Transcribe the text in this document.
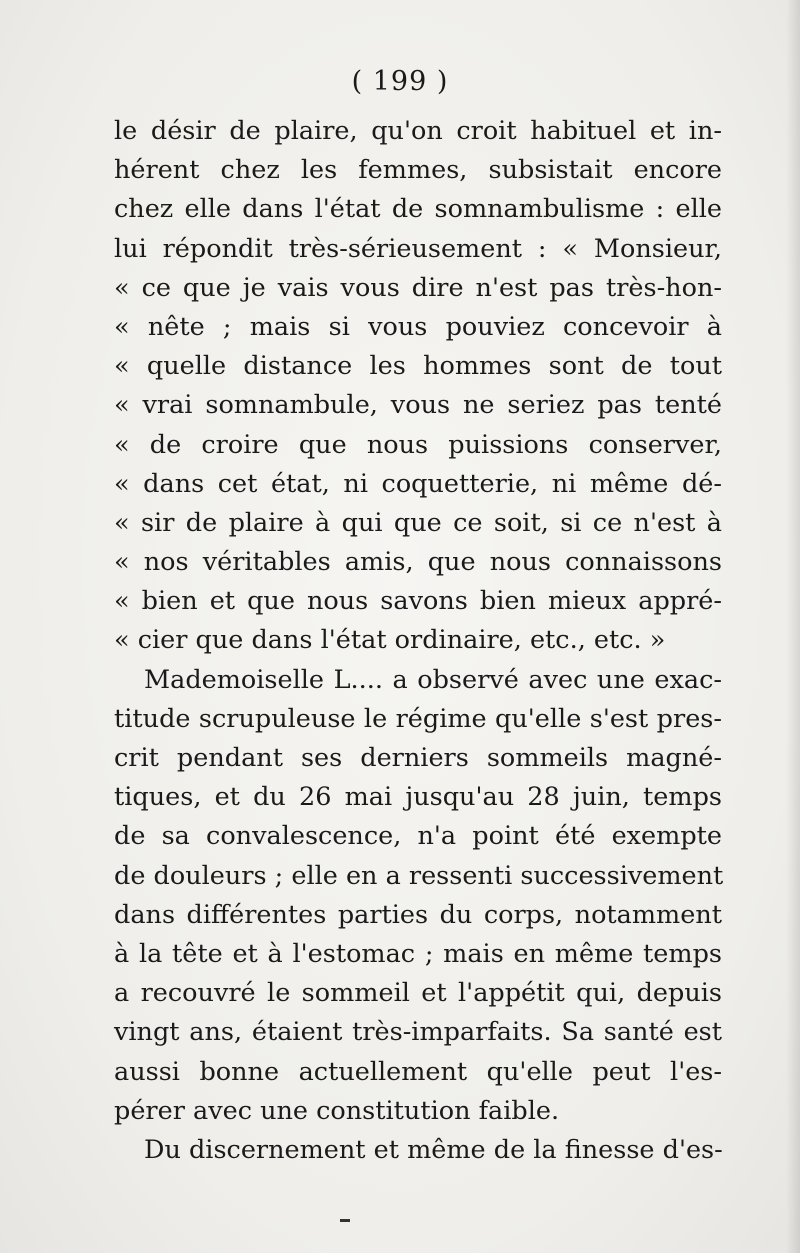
( 199 )
le désir de plaire, qu'on croit habituel et in-
hérent chez les femmes, subsistait encore
chez elle dans l'état de somnambulisme : elle
lui répondit très-sérieusement : « Monsieur,
« ce que je vais vous dire n'est pas très-hon-
« nête ; mais si vous pouviez concevoir à
« quelle distance les hommes sont de tout
« vrai somnambule, vous ne seriez pas tenté
« de croire que nous puissions conserver,
« dans cet état, ni coquetterie, ni même dé-
« sir de plaire à qui que ce soit, si ce n'est à
« nos véritables amis, que nous connaissons
« bien et que nous savons bien mieux appré-
« cier que dans l'état ordinaire, etc., etc. »
Mademoiselle L.... a observé avec une exac-
titude scrupuleuse le régime qu'elle s'est pres-
crit pendant ses derniers sommeils magné-
tiques, et du 26 mai jusqu'au 28 juin, temps
de sa convalescence, n'a point été exempte
de douleurs ; elle en a ressenti successivement
dans différentes parties du corps, notamment
à la tête et à l'estomac ; mais en même temps
a recouvré le sommeil et l'appétit qui, depuis
vingt ans, étaient très-imparfaits. Sa santé est
aussi bonne actuellement qu'elle peut l'es-
pérer avec une constitution faible.
Du discernement et même de la finesse d'es-
